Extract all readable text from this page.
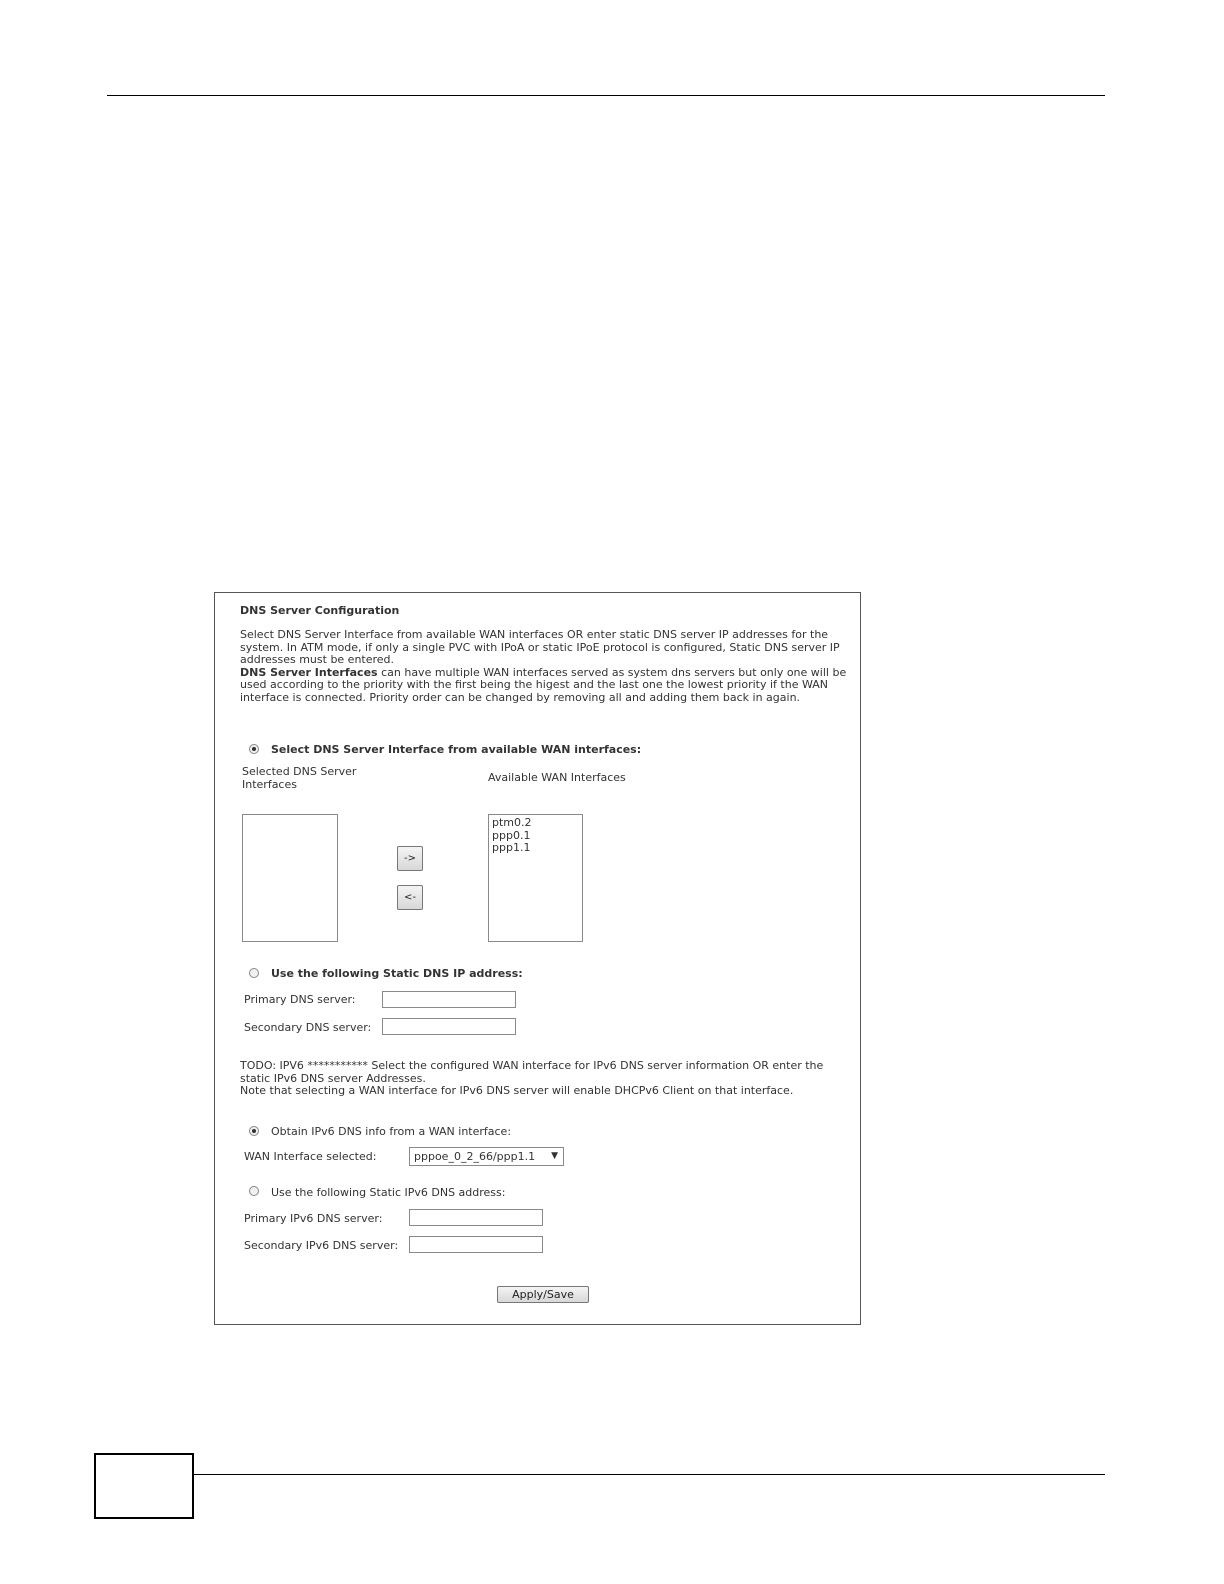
DNS Server Configuration
Select DNS Server Interface from available WAN interfaces OR enter static DNS server IP addresses for the
system. In ATM mode, if only a single PVC with IPoA or static IPoE protocol is configured, Static DNS server IP
addresses must be entered.
DNS Server Interfaces can have multiple WAN interfaces served as system dns servers but only one will be
used according to the priority with the first being the higest and the last one the lowest priority if the WAN
interface is connected. Priority order can be changed by removing all and adding them back in again.
Select DNS Server Interface from available WAN interfaces:
Selected DNS Server
Interfaces	Available WAN Interfaces
->
<-
ptm0.2
ppp0.1
ppp1.1
Use the following Static DNS IP address:
Primary DNS server:
Secondary DNS server:
TODO: IPV6 *********** Select the configured WAN interface for IPv6 DNS server information OR enter the
static IPv6 DNS server Addresses.
Note that selecting a WAN interface for IPv6 DNS server will enable DHCPv6 Client on that interface.
Obtain IPv6 DNS info from a WAN interface:
WAN Interface selected:	pppoe_0_2_66/ppp1.1 ▼
Use the following Static IPv6 DNS address:
Primary IPv6 DNS server:
Secondary IPv6 DNS server:
Apply/Save
